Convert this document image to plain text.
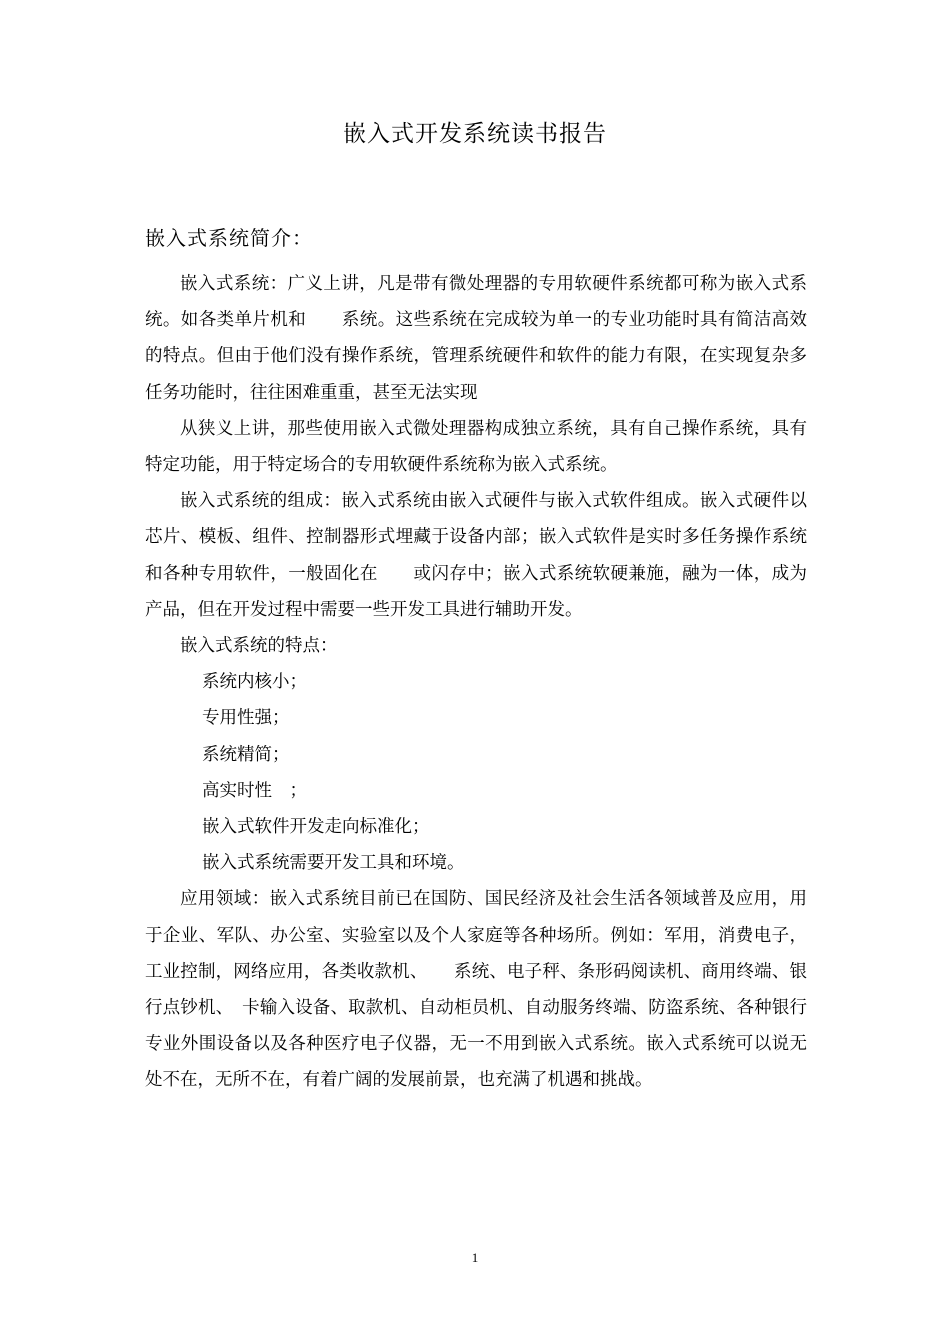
嵌入式开发系统读书报告
嵌入式系统简介：

嵌入式系统：广义上讲，凡是带有微处理器的专用软硬件系统都可称为嵌入式系统。如各类单片机和　　系统。这些系统在完成较为单一的专业功能时具有简洁高效的特点。但由于他们没有操作系统，管理系统硬件和软件的能力有限，在实现复杂多任务功能时，往往困难重重，甚至无法实现

从狭义上讲，那些使用嵌入式微处理器构成独立系统，具有自己操作系统，具有特定功能，用于特定场合的专用软硬件系统称为嵌入式系统。

嵌入式系统的组成：嵌入式系统由嵌入式硬件与嵌入式软件组成。嵌入式硬件以芯片、模板、组件、控制器形式埋藏于设备内部；嵌入式软件是实时多任务操作系统和各种专用软件，一般固化在　　或闪存中；嵌入式系统软硬兼施，融为一体，成为产品，但在开发过程中需要一些开发工具进行辅助开发。

嵌入式系统的特点：

系统内核小；

专用性强；

系统精简；

高实时性　；

嵌入式软件开发走向标准化；

嵌入式系统需要开发工具和环境。

应用领域：嵌入式系统目前已在国防、国民经济及社会生活各领域普及应用，用于企业、军队、办公室、实验室以及个人家庭等各种场所。例如：军用，消费电子，工业控制，网络应用，各类收款机、　　系统、电子秤、条形码阅读机、商用终端、银行点钞机、　卡输入设备、取款机、自动柜员机、自动服务终端、防盗系统、各种银行专业外围设备以及各种医疗电子仪器，无一不用到嵌入式系统。嵌入式系统可以说无处不在，无所不在，有着广阔的发展前景，也充满了机遇和挑战。

1
